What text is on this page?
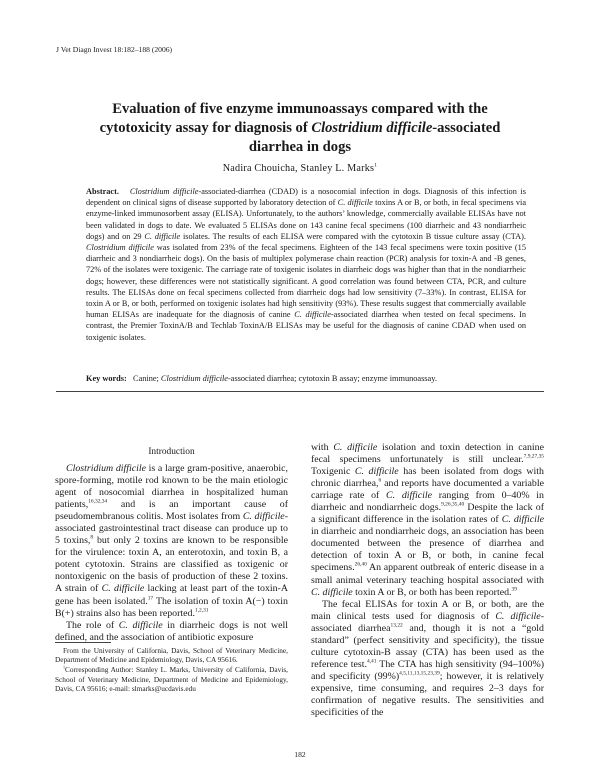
J Vet Diagn Invest 18:182–188 (2006)
Evaluation of five enzyme immunoassays compared with the
cytotoxicity assay for diagnosis of Clostridium difficile-associated
diarrhea in dogs
Nadira Chouicha, Stanley L. Marks$^1$
Abstract. Clostridium difficile-associated-diarrhea (CDAD) is a nosocomial infection in dogs. Diagnosis of this infection is dependent on clinical signs of disease supported by laboratory detection of C. difficile toxins A or B, or both, in fecal specimens via enzyme-linked immunosorbent assay (ELISA). Unfortunately, to the authors’ knowledge, commercially available ELISAs have not been validated in dogs to date. We evaluated 5 ELISAs done on 143 canine fecal specimens (100 diarrheic and 43 nondiarrheic dogs) and on 29 C. difficile isolates. The results of each ELISA were compared with the cytotoxin B tissue culture assay (CTA). Clostridium difficile was isolated from 23% of the fecal specimens. Eighteen of the 143 fecal specimens were toxin positive (15 diarrheic and 3 nondiarrheic dogs). On the basis of multiplex polymerase chain reaction (PCR) analysis for toxin-A and -B genes, 72% of the isolates were toxigenic. The carriage rate of toxigenic isolates in diarrheic dogs was higher than that in the nondiarrheic dogs; however, these differences were not statistically significant. A good correlation was found between CTA, PCR, and culture results. The ELISAs done on fecal specimens collected from diarrheic dogs had low sensitivity (7–33%). In contrast, ELISA for toxin A or B, or both, performed on toxigenic isolates had high sensitivity (93%). These results suggest that commercially available human ELISAs are inadequate for the diagnosis of canine C. difficile-associated diarrhea when tested on fecal specimens. In contrast, the Premier ToxinA/B and Techlab ToxinA/B ELISAs may be useful for the diagnosis of canine CDAD when used on toxigenic isolates.
Key words: Canine; Clostridium difficile-associated diarrhea; cytotoxin B assay; enzyme immunoassay.
Introduction

Clostridium difficile is a large gram-positive, anaerobic, spore-forming, motile rod known to be the main etiologic agent of nosocomial diarrhea in hospitalized human patients,$^{16,32,34}$ and is an important cause of pseudomembranous colitis. Most isolates from C. difficile-associated gastrointestinal tract disease can produce up to 5 toxins,$^8$ but only 2 toxins are known to be responsible for the virulence: toxin A, an enterotoxin, and toxin B, a potent cytotoxin. Strains are classified as toxigenic or nontoxigenic on the basis of production of these 2 toxins. A strain of C. difficile lacking at least part of the toxin-A gene has been isolated.$^{17}$ The isolation of toxin A(−) toxin B(+) strains also has been reported.$^{1,2,31}$

The role of C. difficile in diarrheic dogs is not well defined, and the association of antibiotic exposure

From the University of California, Davis, School of Veterinary Medicine, Department of Medicine and Epidemiology, Davis, CA 95616.

$^1$Corresponding Author: Stanley L. Marks, University of California, Davis, School of Veterinary Medicine, Department of Medicine and Epidemiology, Davis, CA 95616; e-mail: slmarks@ucdavis.edu

with C. difficile isolation and toxin detection in canine fecal specimens unfortunately is still unclear.$^{7,9,27,35}$ Toxigenic C. difficile has been isolated from dogs with chronic diarrhea,$^6$ and reports have documented a variable carriage rate of C. difficile ranging from 0–40% in diarrheic and nondiarrheic dogs.$^{9,26,35,40}$ Despite the lack of a significant difference in the isolation rates of C. difficile in diarrheic and nondiarrheic dogs, an association has been documented between the presence of diarrhea and detection of toxin A or B, or both, in canine fecal specimens.$^{26,40}$ An apparent outbreak of enteric disease in a small animal veterinary teaching hospital associated with C. difficile toxin A or B, or both has been reported.$^{39}$

The fecal ELISAs for toxin A or B, or both, are the main clinical tests used for diagnosis of C. difficile-associated diarrhea$^{13,22}$ and, though it is not a “gold standard” (perfect sensitivity and specificity), the tissue culture cytotoxin-B assay (CTA) has been used as the reference test.$^{4,41}$ The CTA has high sensitivity (94–100%) and specificity $(99\%)^{4,5,11,13,15,23,39}$; however, it is relatively expensive, time consuming, and requires 2–3 days for confirmation of negative results. The sensitivities and specificities of the

182
